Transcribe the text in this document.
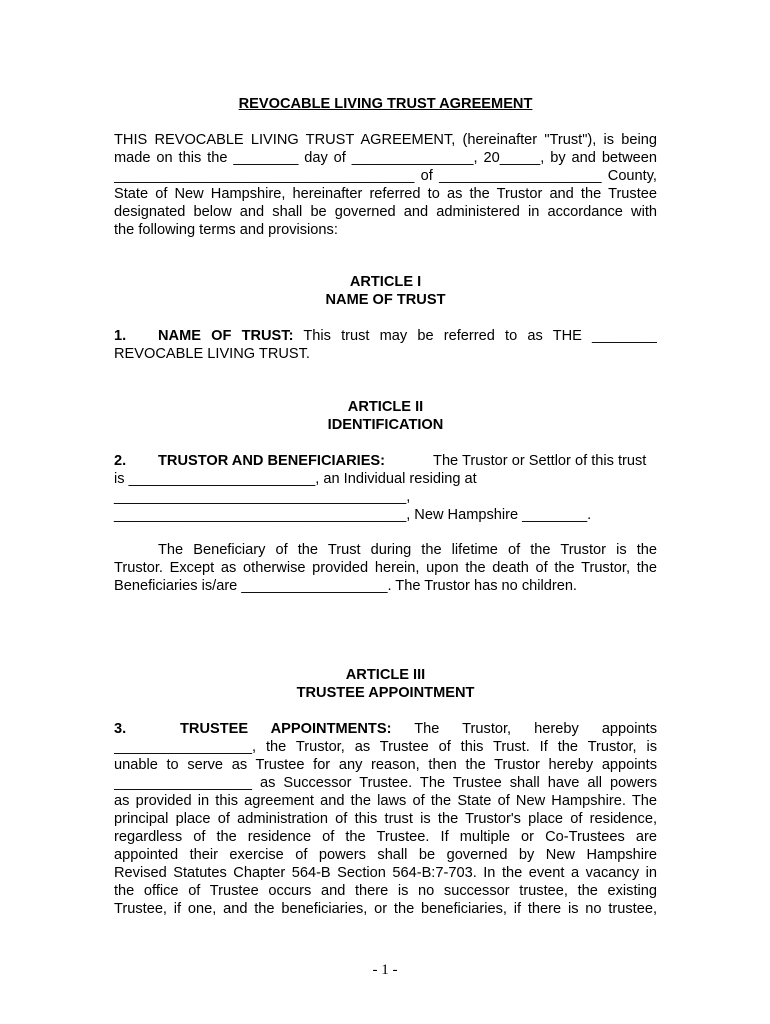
REVOCABLE LIVING TRUST AGREEMENT

THIS REVOCABLE LIVING TRUST AGREEMENT, (hereinafter "Trust"), is being
made on this the ________ day of _______________, 20_____, by and between
_____________________________________ of ____________________ County,
State of New Hampshire, hereinafter referred to as the Trustor and the Trustee
designated below and shall be governed and administered in accordance with
the following terms and provisions:
ARTICLE I
NAME OF TRUST
1. NAME OF TRUST: This trust may be referred to as THE ________
REVOCABLE LIVING TRUST.
ARTICLE II
IDENTIFICATION
2. TRUSTOR AND BENEFICIARIES:	The Trustor or Settlor of this trust
is _______________________, an Individual residing at
____________________________________,
____________________________________, New Hampshire ________.
The Beneficiary of the Trust during the lifetime of the Trustor is the
Trustor. Except as otherwise provided herein, upon the death of the Trustor, the
Beneficiaries is/are __________________. The Trustor has no children.
ARTICLE III
TRUSTEE APPOINTMENT
3.	TRUSTEE APPOINTMENTS: The Trustor, hereby appoints
_________________, the Trustor, as Trustee of this Trust. If the Trustor, is
unable to serve as Trustee for any reason, then the Trustor hereby appoints
_________________ as Successor Trustee. The Trustee shall have all powers
as provided in this agreement and the laws of the State of New Hampshire. The
principal place of administration of this trust is the Trustor's place of residence,
regardless of the residence of the Trustee. If multiple or Co-Trustees are
appointed their exercise of powers shall be governed by New Hampshire
Revised Statutes Chapter 564-B Section 564-B:7-703. In the event a vacancy in
the office of Trustee occurs and there is no successor trustee, the existing
Trustee, if one, and the beneficiaries, or the beneficiaries, if there is no trustee,
- 1 -
